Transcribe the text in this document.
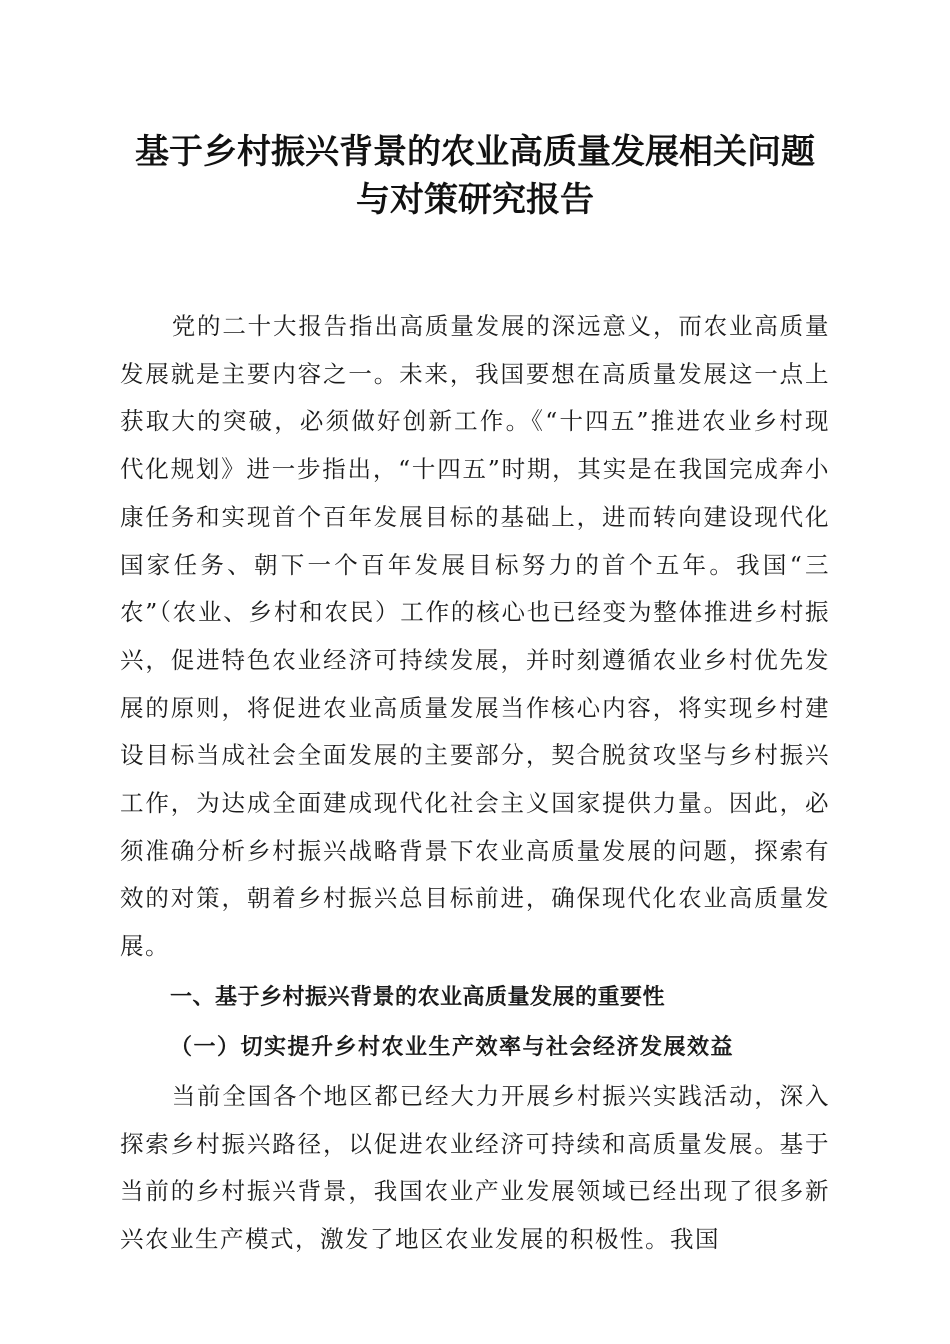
基于乡村振兴背景的农业高质量发展相关问题
与对策研究报告

党的二十大报告指出高质量发展的深远意义，而农业高质量发展就是主要内容之一。未来，我国要想在高质量发展这一点上获取大的突破，必须做好创新工作。《“十四五”推进农业乡村现代化规划》进一步指出，“十四五”时期，其实是在我国完成奔小康任务和实现首个百年发展目标的基础上，进而转向建设现代化国家任务、朝下一个百年发展目标努力的首个五年。我国“三农”（农业、乡村和农民）工作的核心也已经变为整体推进乡村振兴，促进特色农业经济可持续发展，并时刻遵循农业乡村优先发展的原则，将促进农业高质量发展当作核心内容，将实现乡村建设目标当成社会全面发展的主要部分，契合脱贫攻坚与乡村振兴工作，为达成全面建成现代化社会主义国家提供力量。因此，必须准确分析乡村振兴战略背景下农业高质量发展的问题，探索有效的对策，朝着乡村振兴总目标前进，确保现代化农业高质量发展。

一、基于乡村振兴背景的农业高质量发展的重要性
（一）切实提升乡村农业生产效率与社会经济发展效益

当前全国各个地区都已经大力开展乡村振兴实践活动，深入探索乡村振兴路径，以促进农业经济可持续和高质量发展。基于当前的乡村振兴背景，我国农业产业发展领域已经出现了很多新兴农业生产模式，激发了地区农业发展的积极性。我国
